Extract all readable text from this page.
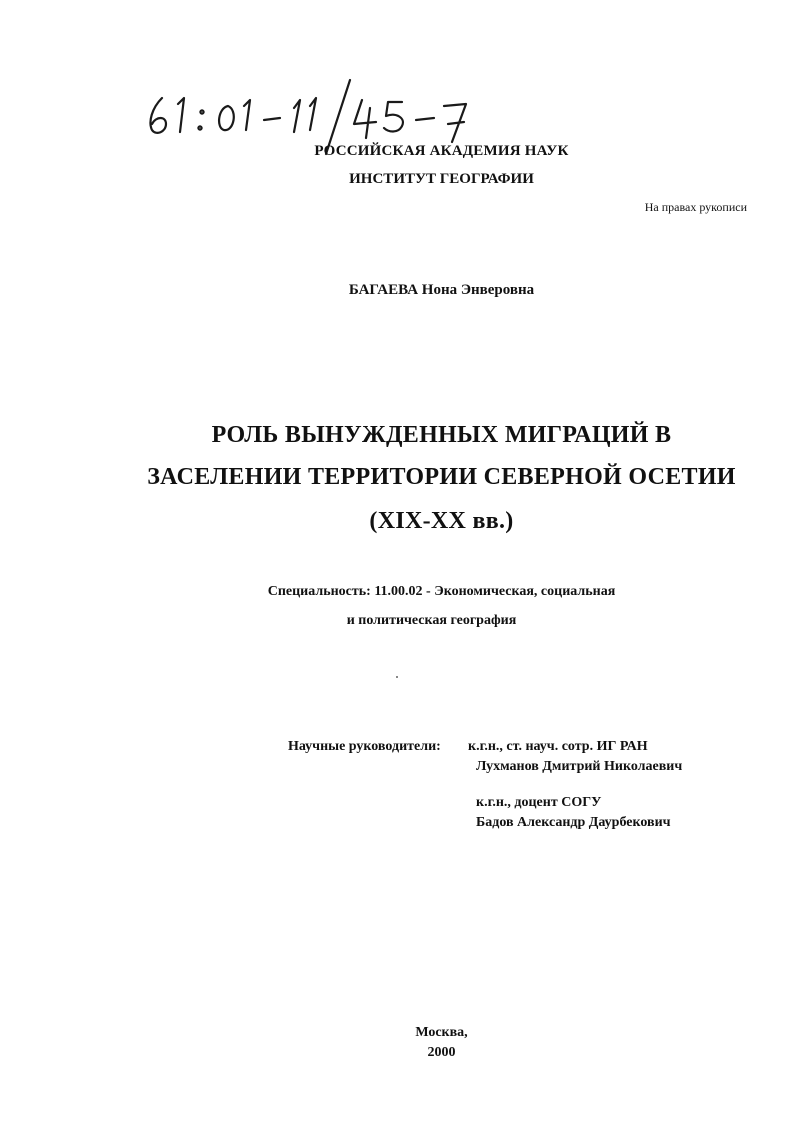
РОССИЙСКАЯ АКАДЕМИЯ НАУК
ИНСТИТУТ ГЕОГРАФИИ
На правах рукописи
БАГАЕВА Нона Энверовна
РОЛЬ ВЫНУЖДЕННЫХ МИГРАЦИЙ В
ЗАСЕЛЕНИИ ТЕРРИТОРИИ СЕВЕРНОЙ ОСЕТИИ
(XIX-XX вв.)
Специальность: 11.00.02 - Экономическая, социальная
и политическая география
Научные руководители: к.г.н., ст. науч. сотр. ИГ РАН
Лухманов Дмитрий Николаевич
к.г.н., доцент СОГУ
Бадов Александр Даурбекович
Москва,
2000
